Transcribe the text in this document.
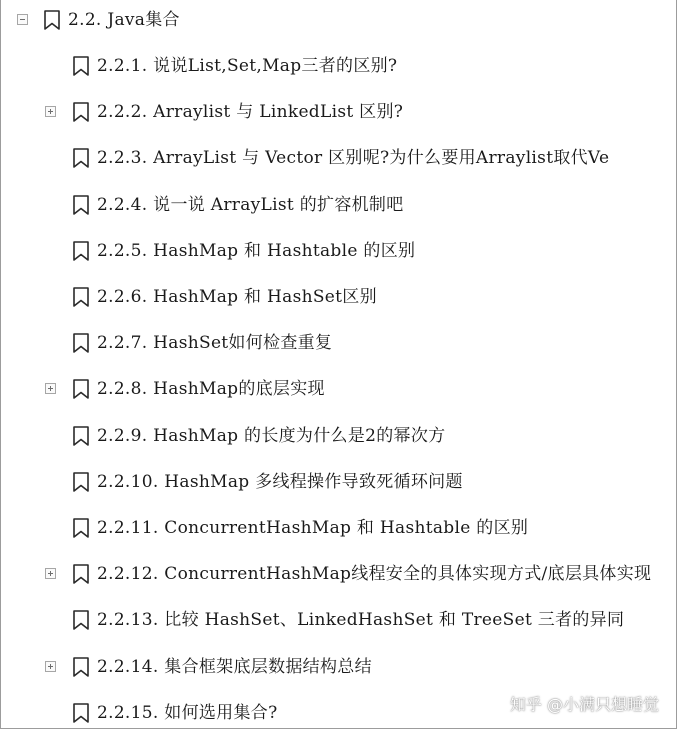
2.2. Java集合
2.2.1. 说说List,Set,Map三者的区别?
2.2.2. Arraylist 与 LinkedList 区别?
2.2.3. ArrayList 与 Vector 区别呢?为什么要用Arraylist取代Ve
2.2.4. 说一说 ArrayList 的扩容机制吧
2.2.5. HashMap 和 Hashtable 的区别
2.2.6. HashMap 和 HashSet区别
2.2.7. HashSet如何检查重复
2.2.8. HashMap的底层实现
2.2.9. HashMap 的长度为什么是2的幂次方
2.2.10. HashMap 多线程操作导致死循环问题
2.2.11. ConcurrentHashMap 和 Hashtable 的区别
2.2.12. ConcurrentHashMap线程安全的具体实现方式/底层具体实现
2.2.13. 比较 HashSet、LinkedHashSet 和 TreeSet 三者的异同
2.2.14. 集合框架底层数据结构总结
2.2.15. 如何选用集合?	知乎 @小满只想睡觉
